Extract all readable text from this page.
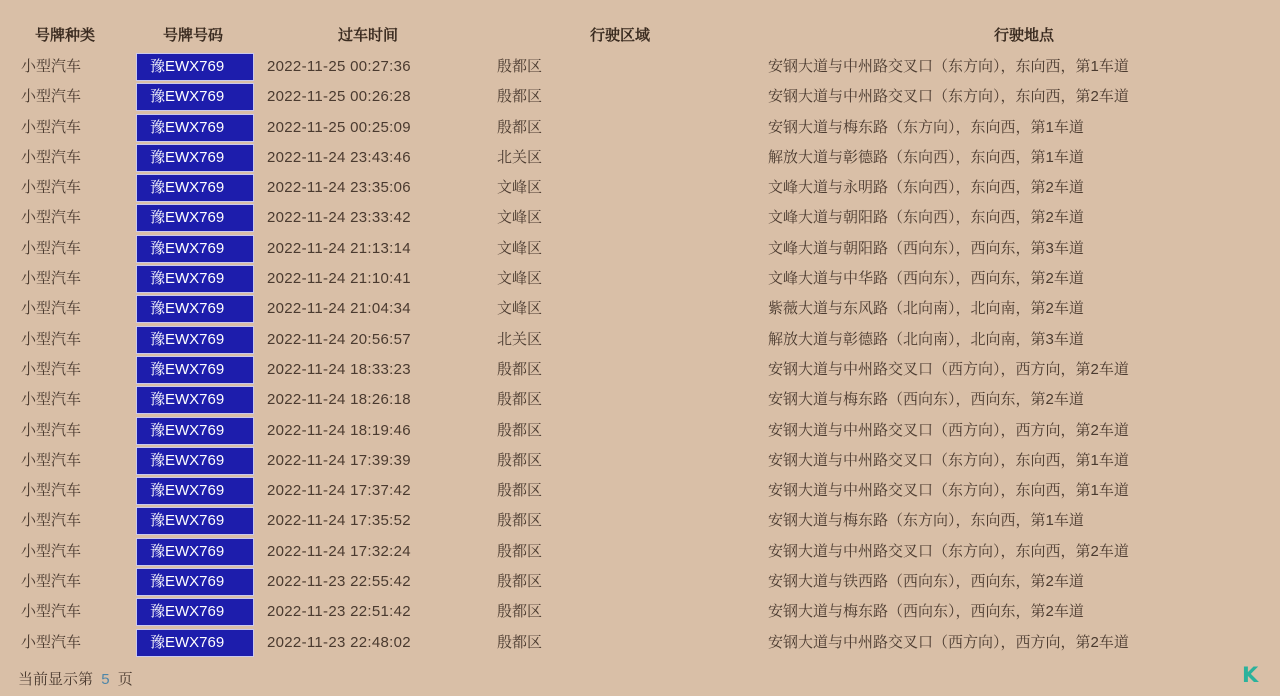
号牌种类	号牌号码	过车时间	行驶区域	行驶地点
小型汽车	豫EWX769	2022-11-25 00:27:36	殷都区	安钢大道与中州路交叉口（东方向），东向西，第1车道
小型汽车	豫EWX769	2022-11-25 00:26:28	殷都区	安钢大道与中州路交叉口（东方向），东向西，第2车道
小型汽车	豫EWX769	2022-11-25 00:25:09	殷都区	安钢大道与梅东路（东方向），东向西，第1车道
小型汽车	豫EWX769	2022-11-24 23:43:46	北关区	解放大道与彰德路（东向西），东向西，第1车道
小型汽车	豫EWX769	2022-11-24 23:35:06	文峰区	文峰大道与永明路（东向西），东向西，第2车道
小型汽车	豫EWX769	2022-11-24 23:33:42	文峰区	文峰大道与朝阳路（东向西），东向西，第2车道
小型汽车	豫EWX769	2022-11-24 21:13:14	文峰区	文峰大道与朝阳路（西向东），西向东，第3车道
小型汽车	豫EWX769	2022-11-24 21:10:41	文峰区	文峰大道与中华路（西向东），西向东，第2车道
小型汽车	豫EWX769	2022-11-24 21:04:34	文峰区	紫薇大道与东风路（北向南），北向南，第2车道
小型汽车	豫EWX769	2022-11-24 20:56:57	北关区	解放大道与彰德路（北向南），北向南，第3车道
小型汽车	豫EWX769	2022-11-24 18:33:23	殷都区	安钢大道与中州路交叉口（西方向），西方向，第2车道
小型汽车	豫EWX769	2022-11-24 18:26:18	殷都区	安钢大道与梅东路（西向东），西向东，第2车道
小型汽车	豫EWX769	2022-11-24 18:19:46	殷都区	安钢大道与中州路交叉口（西方向），西方向，第2车道
小型汽车	豫EWX769	2022-11-24 17:39:39	殷都区	安钢大道与中州路交叉口（东方向），东向西，第1车道
小型汽车	豫EWX769	2022-11-24 17:37:42	殷都区	安钢大道与中州路交叉口（东方向），东向西，第1车道
小型汽车	豫EWX769	2022-11-24 17:35:52	殷都区	安钢大道与梅东路（东方向），东向西，第1车道
小型汽车	豫EWX769	2022-11-24 17:32:24	殷都区	安钢大道与中州路交叉口（东方向），东向西，第2车道
小型汽车	豫EWX769	2022-11-23 22:55:42	殷都区	安钢大道与铁西路（西向东），西向东，第2车道
小型汽车	豫EWX769	2022-11-23 22:51:42	殷都区	安钢大道与梅东路（西向东），西向东，第2车道
小型汽车	豫EWX769	2022-11-23 22:48:02	殷都区	安钢大道与中州路交叉口（西方向），西方向，第2车道
当前显示第 5 页	K
